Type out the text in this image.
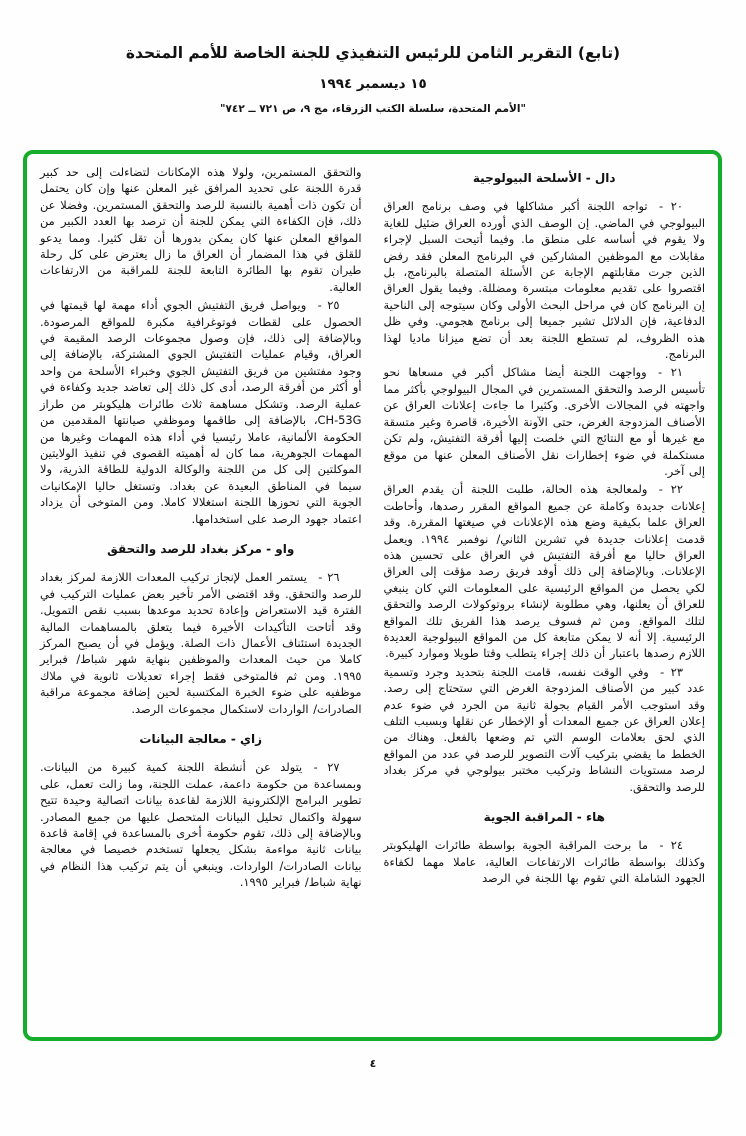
(تابع) التقرير الثامن للرئيس التنفيذي للجنة الخاصة للأمم المتحدة
١٥ ديسمبر ١٩٩٤
"الأمم المتحدة، سلسلة الكتب الزرقاء، مج ٩، ص ٧٢١ ــ ٧٤٢"
دال - الأسلحة البيولوجية

٢٠ - تواجه اللجنة أكبر مشاكلها في وصف برنامج العراق البيولوجي في الماضي. إن الوصف الذي أورده العراق ضئيل للغاية ولا يقوم في أساسه على منطق ما. وفيما أتيحت السبل لإجراء مقابلات مع الموظفين المشاركين في البرنامج المعلن فقد رفض الذين جرت مقابلتهم الإجابة عن الأسئلة المتصلة بالبرنامج، بل اقتصروا على تقديم معلومات مبتسرة ومضللة. وفيما يقول العراق إن البرنامج كان في مراحل البحث الأولى وكان سيتوجه إلى الناحية الدفاعية، فإن الدلائل تشير جميعا إلى برنامج هجومي. وفي ظل هذه الظروف، لم تستطع اللجنة بعد أن تضع ميزانا ماديا لهذا البرنامج.

٢١ - وواجهت اللجنة أيضا مشاكل أكبر في مسعاها نحو تأسيس الرصد والتحقق المستمرين في المجال البيولوجي بأكثر مما واجهته في المجالات الأخرى. وكثيرا ما جاءت إعلانات العراق عن الأصناف المزدوجة الغرض، حتى الآونة الأخيرة، قاصرة وغير متسقة مع غيرها أو مع النتائج التي خلصت إليها أفرقة التفتيش، ولم تكن مستكملة في ضوء إخطارات نقل الأصناف المعلن عنها من موقع إلى آخر.

٢٢ - ولمعالجة هذه الحالة، طلبت اللجنة أن يقدم العراق إعلانات جديدة وكاملة عن جميع المواقع المقرر رصدها، وأحاطت العراق علما بكيفية وضع هذه الإعلانات في صيغتها المقررة. وقد قدمت إعلانات جديدة في تشرين الثاني/ نوفمبر ١٩٩٤. ويعمل العراق حاليا مع أفرقة التفتيش في العراق على تحسين هذه الإعلانات. وبالإضافة إلى ذلك أوفد فريق رصد مؤقت إلى العراق لكي يحصل من المواقع الرئيسية على المعلومات التي كان ينبغي للعراق أن يعلنها، وهي مطلوبة لإنشاء بروتوكولات الرصد والتحقق لتلك المواقع. ومن ثم فسوف يرصد هذا الفريق تلك المواقع الرئيسية. إلا أنه لا يمكن متابعة كل من المواقع البيولوجية العديدة اللازم رصدها باعتبار أن ذلك إجراء يتطلب وقتا طويلا وموارد كبيرة.

٢٣ - وفي الوقت نفسه، قامت اللجنة بتحديد وجرد وتسمية عدد كبير من الأصناف المزدوجة الغرض التي ستحتاج إلى رصد. وقد استوجب الأمر القيام بجولة ثانية من الجرد في ضوء عدم إعلان العراق عن جميع المعدات أو الإخطار عن نقلها وبسبب التلف الذي لحق بعلامات الوسم التي تم وضعها بالفعل. وهناك من الخطط ما يقضي بتركيب آلات التصوير للرصد في عدد من المواقع لرصد مستويات النشاط وتركيب مختبر بيولوجي في مركز بغداد للرصد والتحقق.

هاء - المراقبة الجوية

٢٤ - ما برحت المراقبة الجوية بواسطة طائرات الهليكوبتر وكذلك بواسطة طائرات الارتفاعات العالية، عاملا مهما لكفاءة الجهود الشاملة التي تقوم بها اللجنة في الرصد

والتحقق المستمرين، ولولا هذه الإمكانات لتضاءلت إلى حد كبير قدرة اللجنة على تحديد المرافق غير المعلن عنها وإن كان يحتمل أن تكون ذات أهمية بالنسبة للرصد والتحقق المستمرين. وفضلا عن ذلك، فإن الكفاءة التي يمكن للجنة أن ترصد بها العدد الكبير من المواقع المعلن عنها كان يمكن بدورها أن تقل كثيرا. ومما يدعو للقلق في هذا المضمار أن العراق ما زال يعترض على كل رحلة طيران تقوم بها الطائرة التابعة للجنة للمراقبة من الارتفاعات العالية.

٢٥ - ويواصل فريق التفتيش الجوي أداء مهمة لها قيمتها في الحصول على لقطات فوتوغرافية مكبرة للمواقع المرصودة. وبالإضافة إلى ذلك، فإن وصول مجموعات الرصد المقيمة في العراق، وقيام عمليات التفتيش الجوي المشتركة، بالإضافة إلى وجود مفتشين من فريق التفتيش الجوي وخبراء الأسلحة من واحد أو أكثر من أفرقة الرصد، أدى كل ذلك إلى تعاضد جديد وكفاءة في عملية الرصد. وتشكل مساهمة ثلاث طائرات هليكوبتر من طراز CH-53G، بالإضافة إلى طاقمها وموظفي صيانتها المقدمين من الحكومة الألمانية، عاملا رئيسيا في أداء هذه المهمات وغيرها من المهمات الجوهرية، مما كان له أهميته القصوى في تنفيذ الولايتين الموكلتين إلى كل من اللجنة والوكالة الدولية للطاقة الذرية، ولا سيما في المناطق البعيدة عن بغداد. وتستغل حاليا الإمكانيات الجوية التي تحوزها اللجنة استغلالا كاملا. ومن المتوخى أن يزداد اعتماد جهود الرصد على استخدامها.

واو - مركز بغداد للرصد والتحقق

٢٦ - يستمر العمل لإنجاز تركيب المعدات اللازمة لمركز بغداد للرصد والتحقق. وقد اقتضى الأمر تأخير بعض عمليات التركيب في الفترة قيد الاستعراض وإعادة تحديد موعدها بسبب نقص التمويل. وقد أتاحت التأكيدات الأخيرة فيما يتعلق بالمساهمات المالية الجديدة استئناف الأعمال ذات الصلة. ويؤمل في أن يصبح المركز كاملا من حيث المعدات والموظفين بنهاية شهر شباط/ فبراير ١٩٩٥. ومن ثم فالمتوخى فقط إجراء تعديلات ثانوية في ملاك موظفيه على ضوء الخبرة المكتسبة لحين إضافة مجموعة مراقبة الصادرات/ الواردات لاستكمال مجموعات الرصد.

زاي - معالجة البيانات

٢٧ - يتولد عن أنشطة اللجنة كمية كبيرة من البيانات. وبمساعدة من حكومة داعمة، عملت اللجنة، وما زالت تعمل، على تطوير البرامج الإلكترونية اللازمة لقاعدة بيانات اتصالية وحيدة تتيح سهولة واكتمال تحليل البيانات المتحصل عليها من جميع المصادر. وبالإضافة إلى ذلك، تقوم حكومة أخرى بالمساعدة في إقامة قاعدة بيانات ثانية مواءمة بشكل يجعلها تستخدم خصيصا في معالجة بيانات الصادرات/ الواردات. وينبغي أن يتم تركيب هذا النظام في نهاية شباط/ فبراير ١٩٩٥.

٤
